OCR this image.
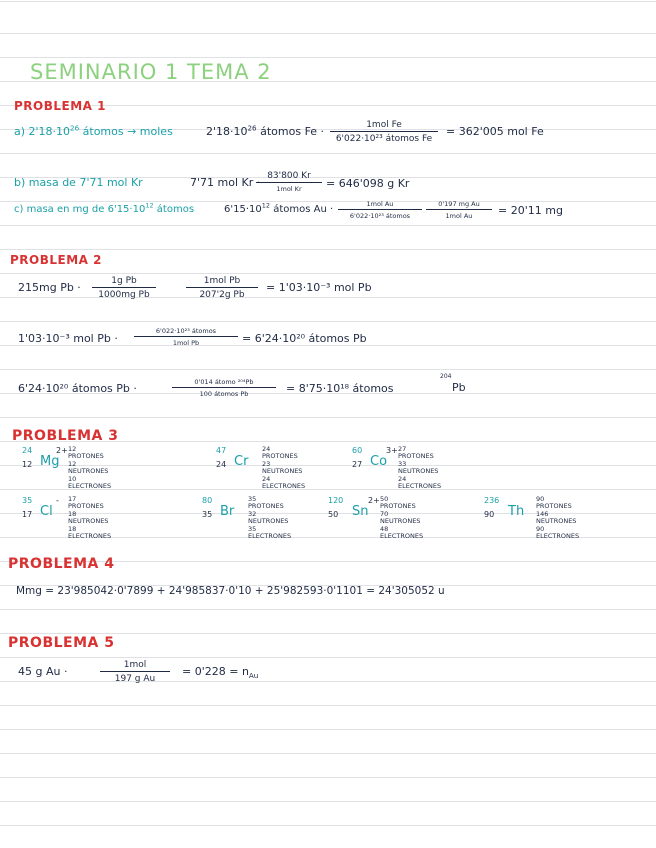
SEMINARIO 1 TEMA 2
PROBLEMA 1
a) $2'18\cdot 10^{26}$ átomos → moles	$2'18\cdot 10^{26}$ átomos Fe ·	1mol Fe
6'022·10²³ átomos Fe
= 362'005 mol Fe
b) masa de 7'71 mol Kr	7'71 mol Kr · 83'800 Kr
1mol Kr	= 646'098 g Kr
c) masa en mg de $6'15\cdot 10^{12}$ átomos	$6'15\cdot 10^{12}$ átomos Au ·	1mol Au
6'022·10²³ átomos
0'197 mg Au
1mol Au	= 20'11 mg
PROBLEMA 2
215mg $Pb \cdot \frac{\text{1g Pb}}{\text{1000mg Pb}}$	1mol Pb
207'2g Pb
= 1'03·10⁻³ mol Pb
1'03·10⁻³ mol Pb ·
6'022·10²³ átomos
1mol Pb	= 6'24·10²⁰ átomos Pb
6'24·10²⁰ átomos Pb ·	0'014 átomo ²⁰⁴Pb
100 átomos Pb	= 8'75·10¹⁸ átomos
204
Pb
PROBLEMA 3
24
12
2+
Mg
12 PROTONES
12 NEUTRONES
10 ELECTRONES
47
24 Cr
24 PROTONES
23 NEUTRONES
24 ELECTRONES
60
27
3+
Co
27 PROTONES
33 NEUTRONES
24 ELECTRONES
35
17
-
Cl
17 PROTONES
18 NEUTRONES
18 ELECTRONES
80
35 Br
35 PROTONES
32 NEUTRONES
35 ELECTRONES
120
50
2+
Sn
50 PROTONES
70 NEUTRONES
48 ELECTRONES
236
90 Th
90 PROTONES
146 NEUTRONES
90 ELECTRONES
PROBLEMA 4
Mmg = 23'985042·0'7899 + 24'985837·0'10 + 25'982593·0'1101 = 24'305052 u
PROBLEMA 5
45 g Au ·	1mol
197 g Au
= $0'228 = n_{Au}$
